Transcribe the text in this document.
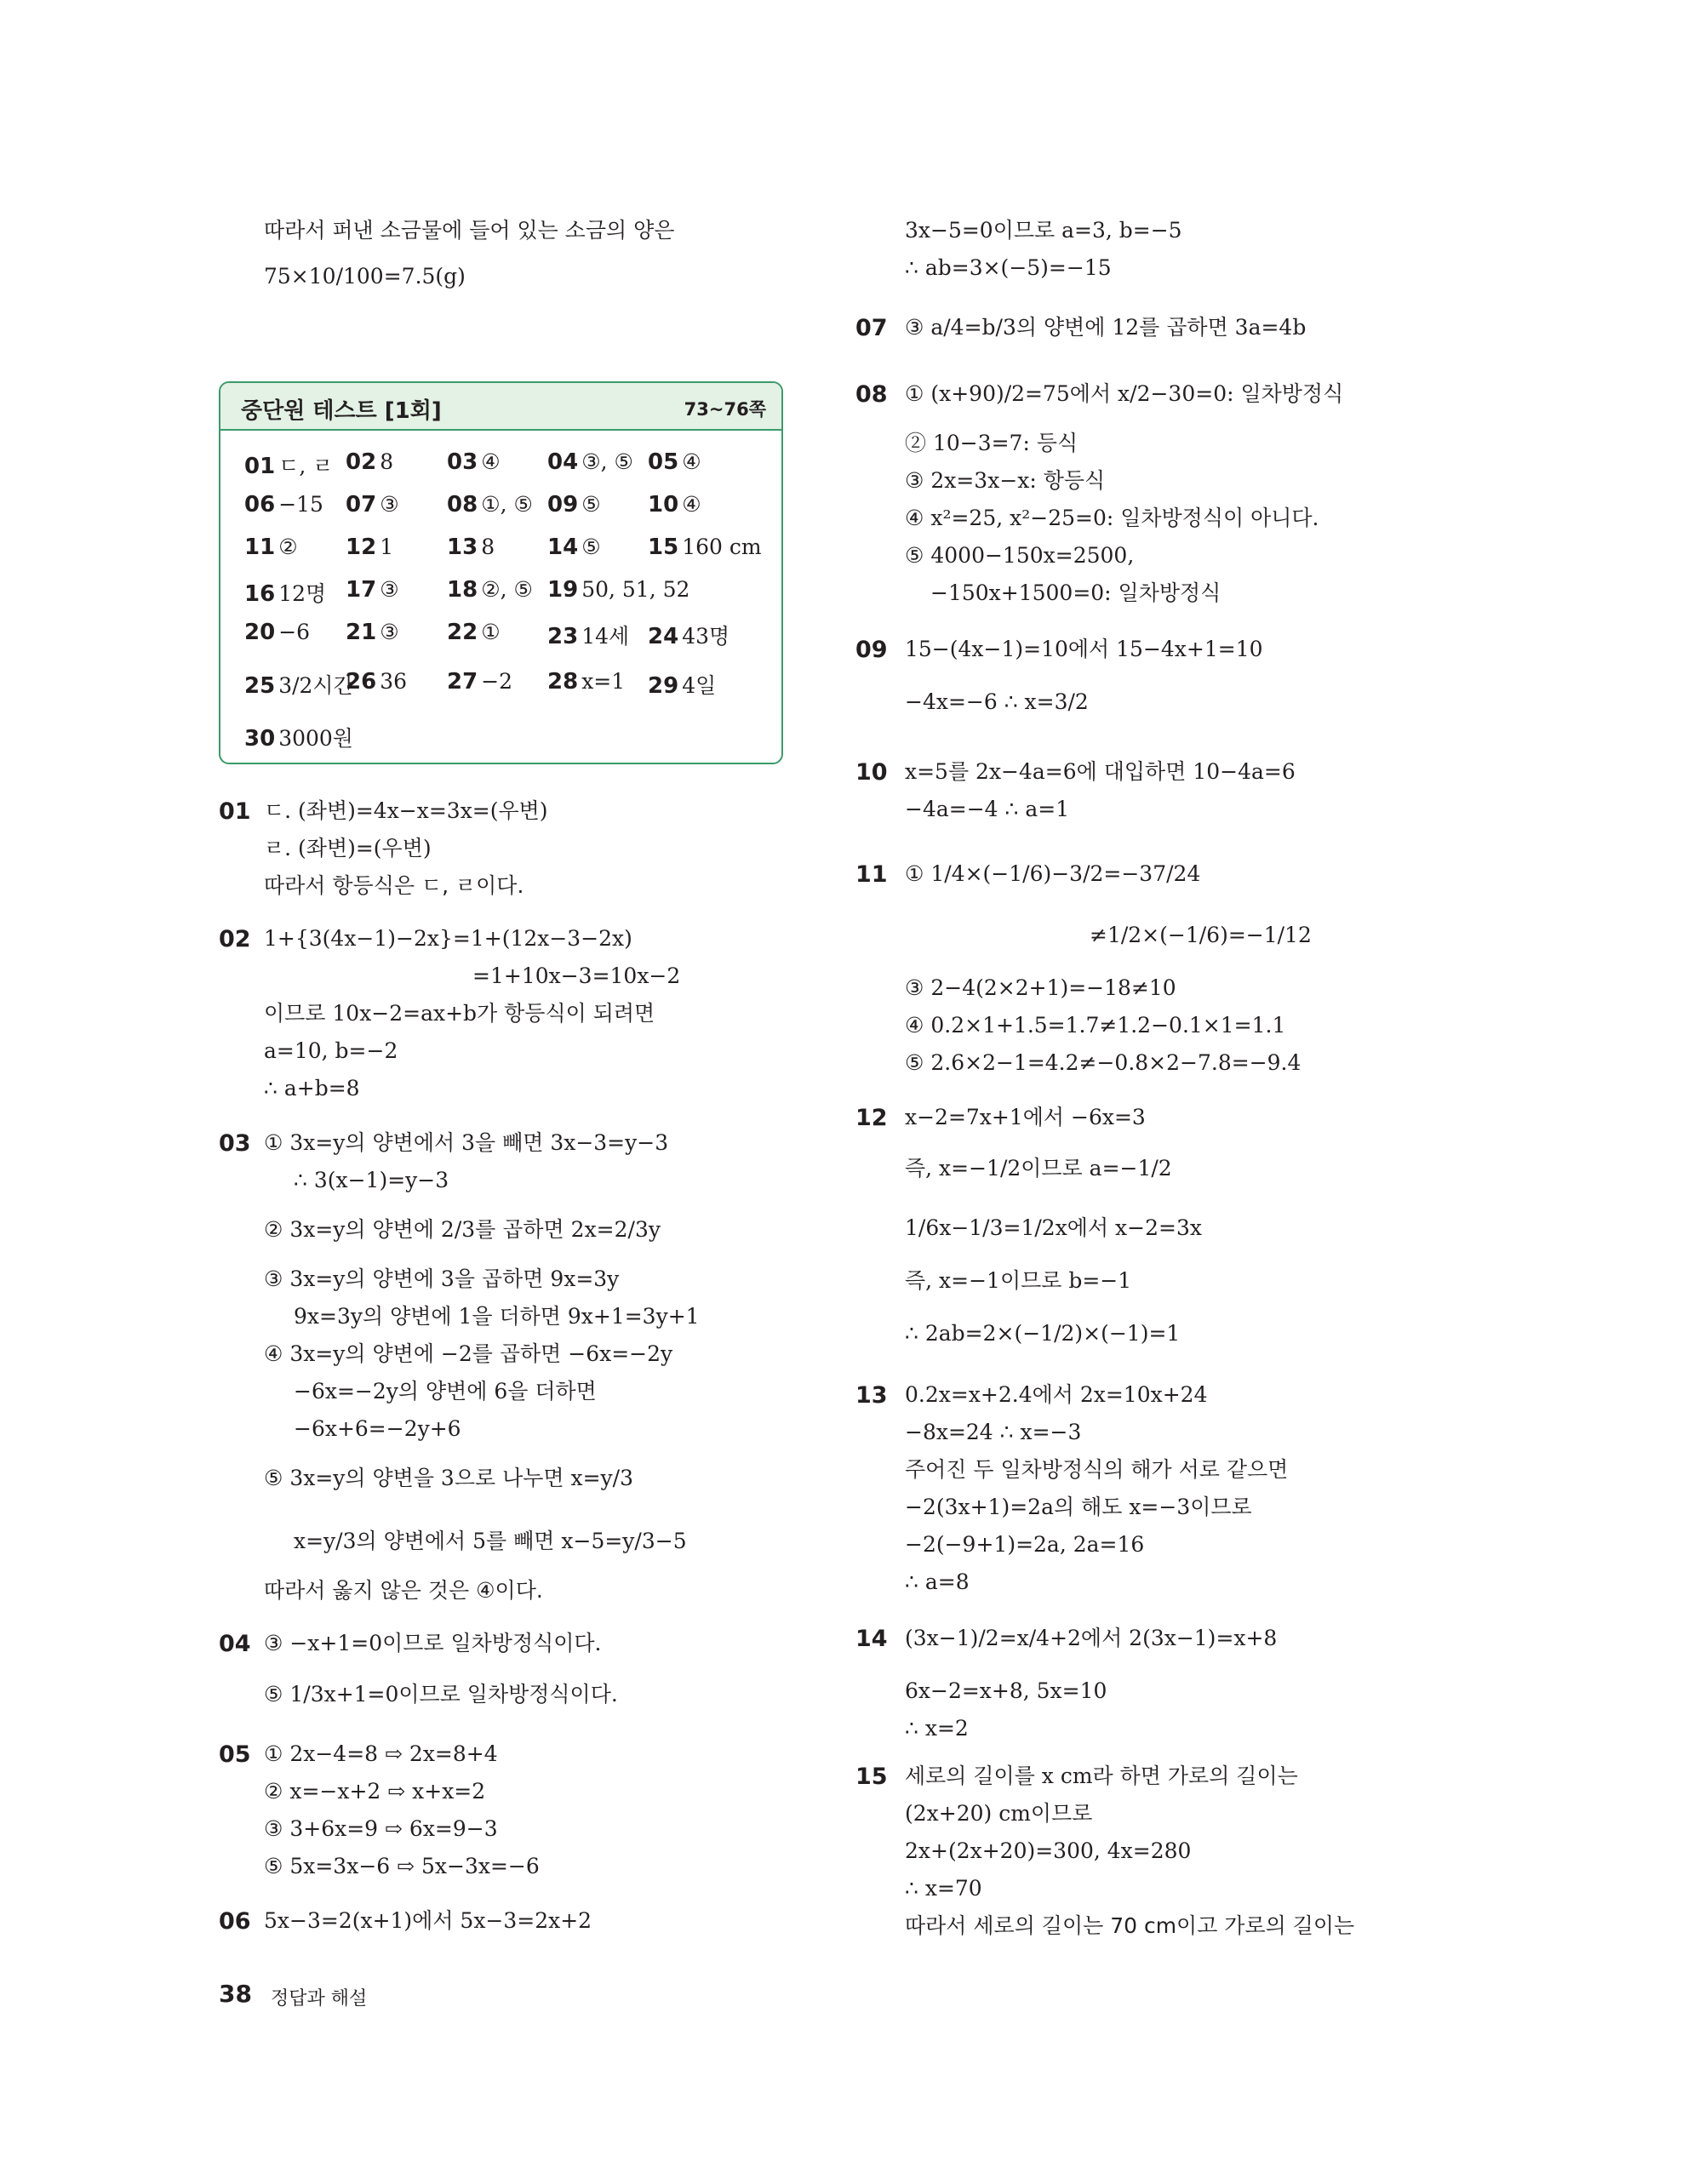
따라서 퍼낸 소금물에 들어 있는 소금의 양은
75×10/100=7.5(g)
중단원 테스트 [1회]	73~76쪽
01 ㄷ, ㄹ 02 8 03 ④ 04 ③, ⑤ 05 ④
06 −15 07 ③ 08 ①, ⑤ 09 ⑤ 10 ④
11 ② 12 1 13 8 14 ⑤ 15 160 cm
16 12명 17 ③ 18 ②, ⑤ 19 50, 51, 52
20 −6 21 ③ 22 ① 23 14세 24 43명
25 3/2시간
26 36 27 −2 28 x=1 29 4일
30 3000원
01 ㄷ. (좌변)=4x−x=3x=(우변)
ㄹ. (좌변)=(우변)
따라서 항등식은 ㄷ, ㄹ이다.
02 1+{3(4x−1)−2x}=1+(12x−3−2x)
=1+10x−3=10x−2
이므로 10x−2=ax+b가 항등식이 되려면
a=10, b=−2
∴ a+b=8
03 ① 3x=y의 양변에서 3을 빼면 3x−3=y−3
∴ 3(x−1)=y−3
② 3x=y의 양변에 2/3를 곱하면 2x=2/3y
③ 3x=y의 양변에 3을 곱하면 9x=3y
9x=3y의 양변에 1을 더하면 9x+1=3y+1
④ 3x=y의 양변에 −2를 곱하면 −6x=−2y
−6x=−2y의 양변에 6을 더하면
−6x+6=−2y+6
⑤ 3x=y의 양변을 3으로 나누면 x=y/3
x=y/3의 양변에서 5를 빼면 x−5=y/3−5
따라서 옳지 않은 것은 ④이다.
04 ③ −x+1=0이므로 일차방정식이다.
⑤ 1/3x+1=0이므로 일차방정식이다.
05 ① 2x−4=8 ⇨ 2x=8+4
② x=−x+2 ⇨ x+x=2
③ 3+6x=9 ⇨ 6x=9−3
⑤ 5x=3x−6 ⇨ 5x−3x=−6
06 5x−3=2(x+1)에서 5x−3=2x+2
3x−5=0이므로 a=3, b=−5
∴ ab=3×(−5)=−15
07 ③ a/4=b/3의 양변에 12를 곱하면 3a=4b
08 ① (x+90)/2=75에서 x/2−30=0: 일차방정식
② 10−3=7: 등식
③ 2x=3x−x: 항등식
④ x²=25, x²−25=0: 일차방정식이 아니다.
⑤ 4000−150x=2500,
−150x+1500=0: 일차방정식
09 15−(4x−1)=10에서 15−4x+1=10
−4x=−6 ∴ x=3/2
10 x=5를 2x−4a=6에 대입하면 10−4a=6
−4a=−4 ∴ a=1
11 ① 1/4×(−1/6)−3/2=−37/24
≠1/2×(−1/6)=−1/12
③ 2−4(2×2+1)=−18≠10
④ 0.2×1+1.5=1.7≠1.2−0.1×1=1.1
⑤ 2.6×2−1=4.2≠−0.8×2−7.8=−9.4
12 x−2=7x+1에서 −6x=3
즉, x=−1/2이므로 a=−1/2
1/6x−1/3=1/2x에서 x−2=3x
즉, x=−1이므로 b=−1
∴ 2ab=2×(−1/2)×(−1)=1
13 0.2x=x+2.4에서 2x=10x+24
−8x=24 ∴ x=−3
주어진 두 일차방정식의 해가 서로 같으면
−2(3x+1)=2a의 해도 x=−3이므로
−2(−9+1)=2a, 2a=16
∴ a=8
14 (3x−1)/2=x/4+2에서 2(3x−1)=x+8
6x−2=x+8, 5x=10
∴ x=2
15 세로의 길이를 x cm라 하면 가로의 길이는
(2x+20) cm이므로
2x+(2x+20)=300, 4x=280
∴ x=70
따라서 세로의 길이는 70 cm이고 가로의 길이는
38 정답과 해설
